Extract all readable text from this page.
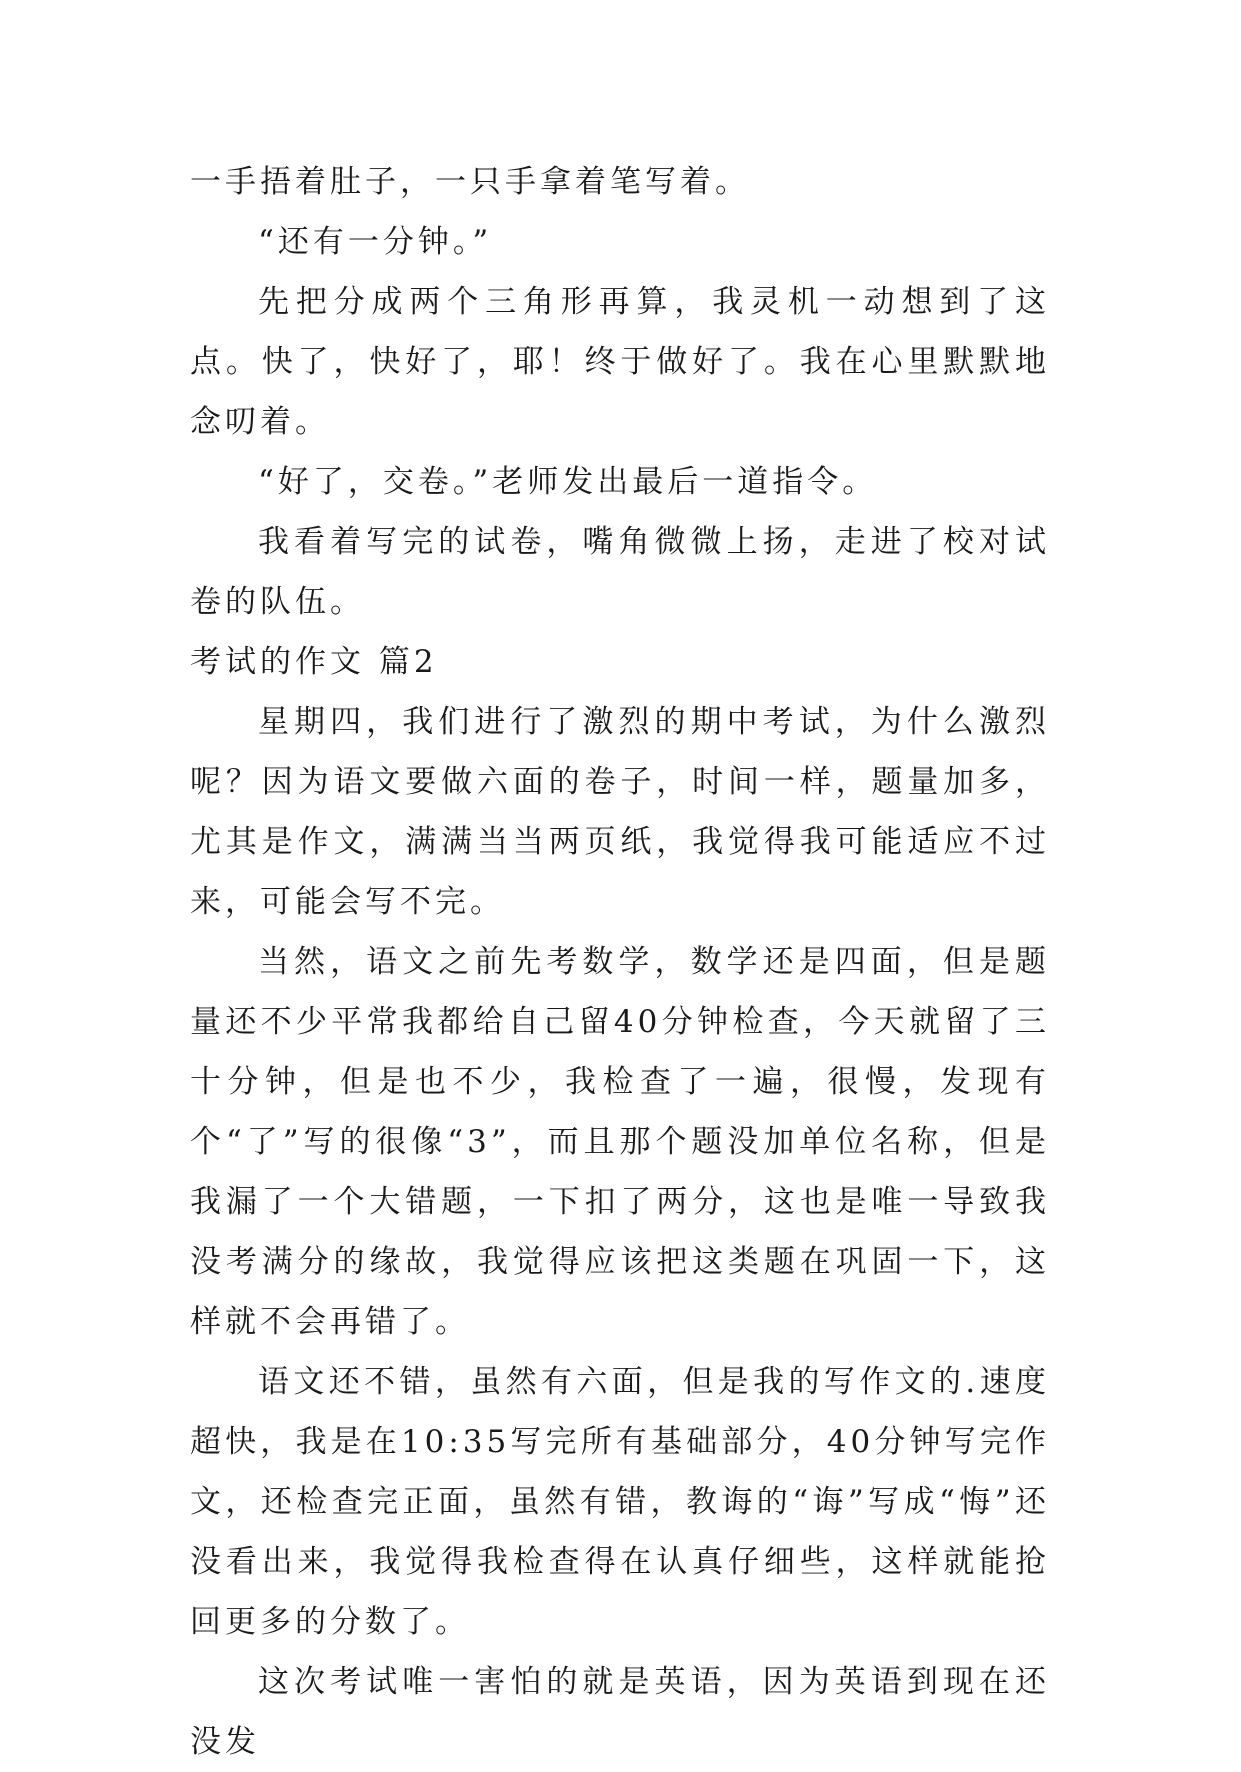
一手捂着肚子，一只手拿着笔写着。

“还有一分钟。”

先把分成两个三角形再算，我灵机一动想到了这点。快了，快好了，耶！终于做好了。我在心里默默地念叨着。

“好了，交卷。”老师发出最后一道指令。

我看着写完的试卷，嘴角微微上扬，走进了校对试卷的队伍。

考试的作文 篇2

星期四，我们进行了激烈的期中考试，为什么激烈呢？因为语文要做六面的卷子，时间一样，题量加多，尤其是作文，满满当当两页纸，我觉得我可能适应不过来，可能会写不完。

当然，语文之前先考数学，数学还是四面，但是题量还不少平常我都给自己留40分钟检查，今天就留了三十分钟，但是也不少，我检查了一遍，很慢，发现有个“了”写的很像“3”，而且那个题没加单位名称，但是我漏了一个大错题，一下扣了两分，这也是唯一导致我没考满分的缘故，我觉得应该把这类题在巩固一下，这样就不会再错了。

语文还不错，虽然有六面，但是我的写作文的.速度超快，我是在10:35写完所有基础部分，40分钟写完作文，还检查完正面，虽然有错，教诲的“诲”写成“悔”还没看出来，我觉得我检查得在认真仔细些，这样就能抢回更多的分数了。

这次考试唯一害怕的就是英语，因为英语到现在还没发
